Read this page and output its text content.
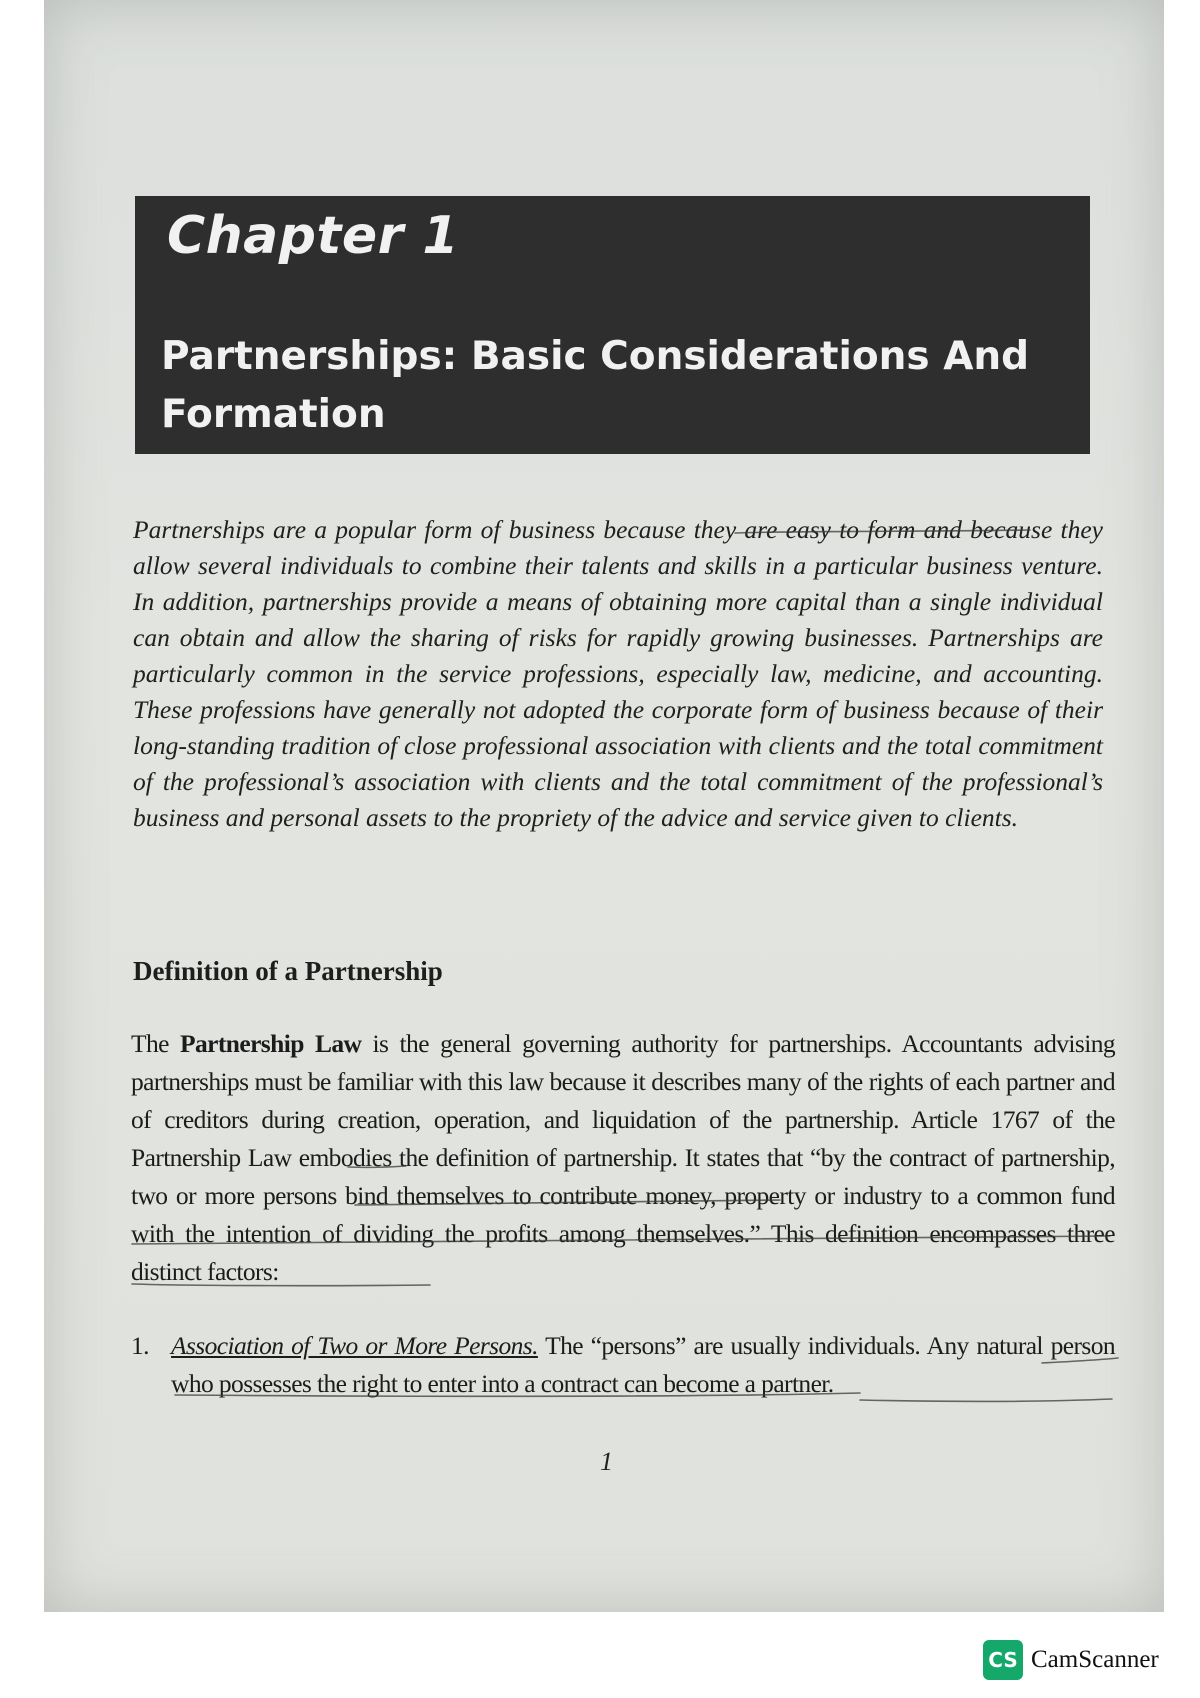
Chapter 1
Partnerships: Basic Considerations And Formation

Partnerships are a popular form of business because they are easy to form and because they allow several individuals to combine their talents and skills in a particular business venture. In addition, partnerships provide a means of obtaining more capital than a single individual can obtain and allow the sharing of risks for rapidly growing businesses. Partnerships are particularly common in the service professions, especially law, medicine, and accounting. These professions have generally not adopted the corporate form of business because of their long-standing tradition of close professional association with clients and the total commitment of the professional’s association with clients and the total commitment of the professional’s business and personal assets to the propriety of the advice and service given to clients.

Definition of a Partnership

The Partnership Law is the general governing authority for partnerships. Accountants advising partnerships must be familiar with this law because it describes many of the rights of each partner and of creditors during creation, operation, and liquidation of the partnership. Article 1767 of the Partnership Law embodies the definition of partnership. It states that “by the contract of partnership, two or more persons bind themselves to contribute money, property or industry to a common fund with the intention of dividing the profits among themselves.” This definition encompasses three distinct factors:

1. Association of Two or More Persons. The “persons” are usually individuals. Any natural person who possesses the right to enter into a contract can become a partner.
1
CS CamScanner
